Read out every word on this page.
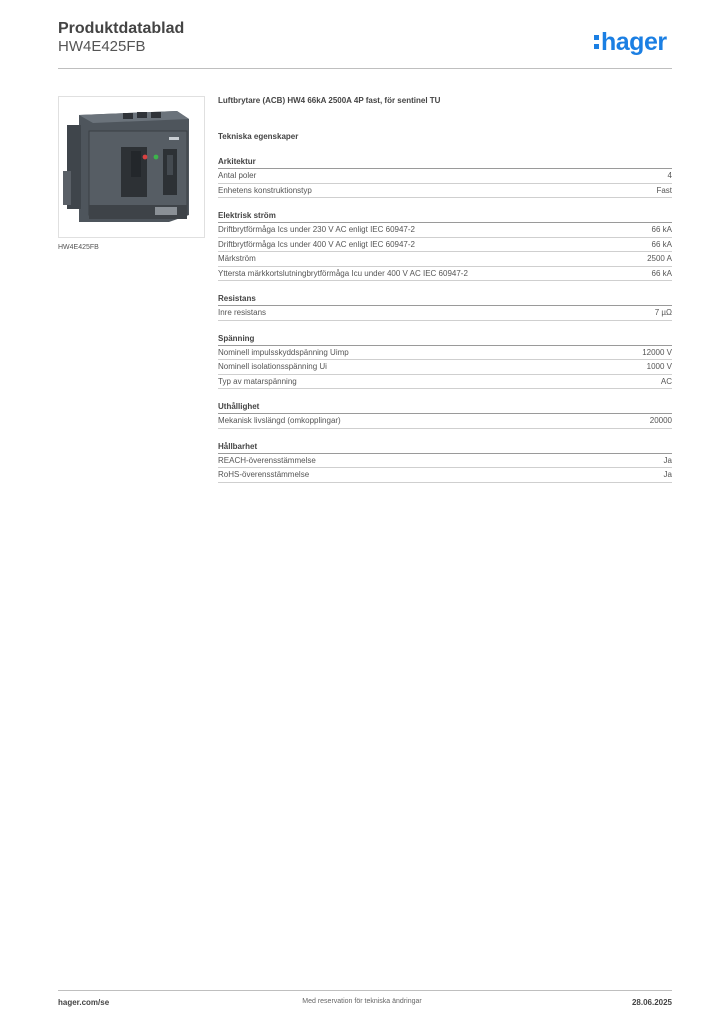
Produktdatablad
HW4E425FB	hager
HW4E425FB
Luftbrytare (ACB) HW4 66kA 2500A 4P fast, för sentinel TU
Tekniska egenskaper
Arkitektur
Antal poler	4
Enhetens konstruktionstyp	Fast
Elektrisk ström
Driftbrytförmåga Ics under 230 V AC enligt IEC 60947-2	66 kA
Driftbrytförmåga Ics under 400 V AC enligt IEC 60947-2	66 kA
Märkström	2500 A
Yttersta märkkortslutningbrytförmåga Icu under 400 V AC IEC 60947-2	66 kA
Resistans
Inre resistans	7 µΩ
Spänning
Nominell impulsskyddspänning Uimp	12000 V
Nominell isolationsspänning Ui	1000 V
Typ av matarspänning	AC
Uthållighet
Mekanisk livslängd (omkopplingar)	20000
Hållbarhet
REACH-överensstämmelse	Ja
RoHS-överensstämmelse	Ja
hager.com/se	Med reservation för tekniska ändringar	28.06.2025
